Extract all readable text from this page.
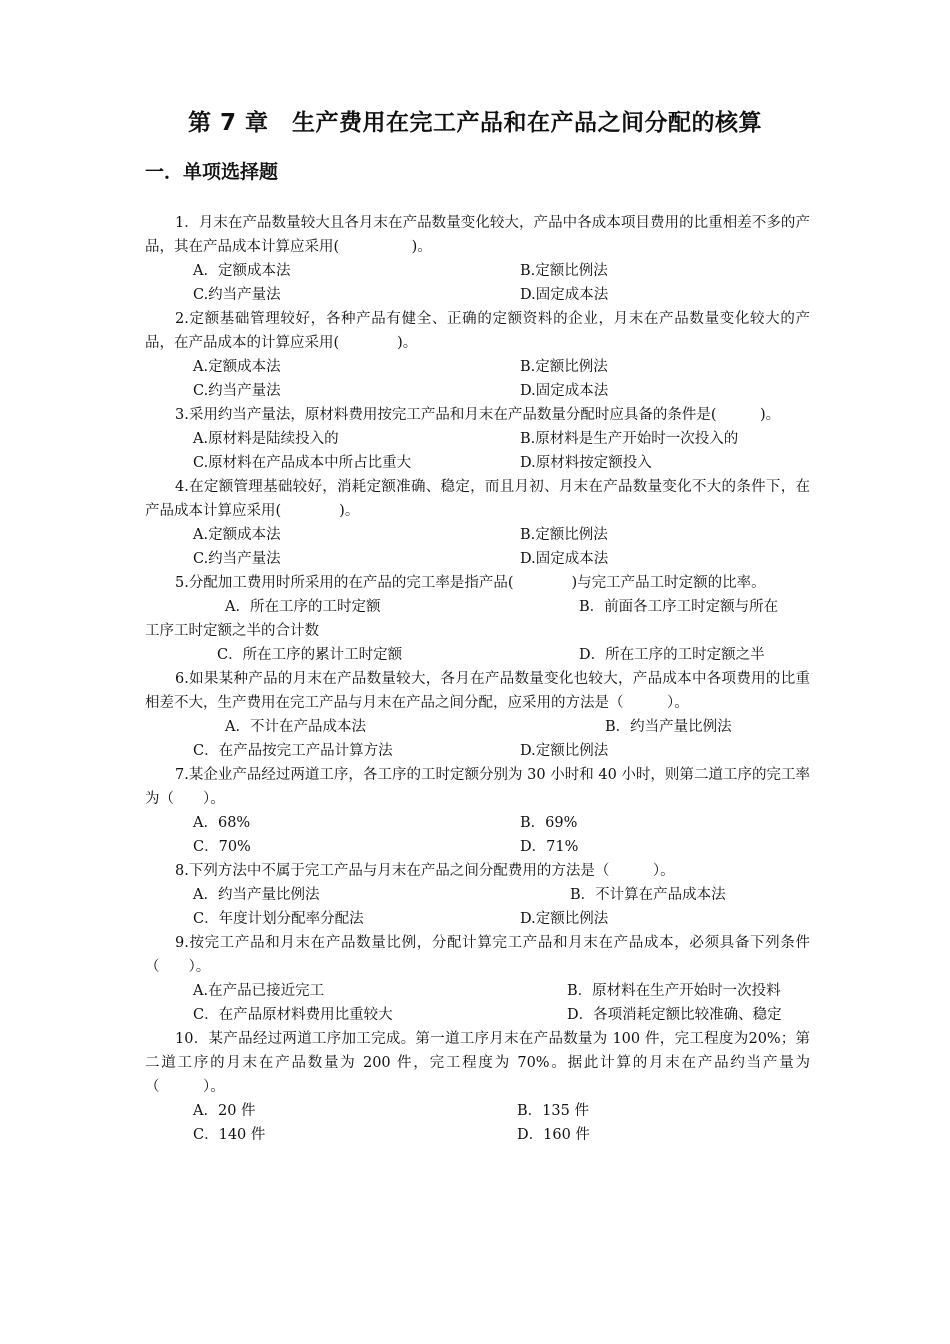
第 7 章　生产费用在完工产品和在产品之间分配的核算
一．单项选择题

1．月末在产品数量较大且各月末在产品数量变化较大，产品中各成本项目费用的比重相差不多的产品，其在产品成本计算应采用(　　　　　)。

A．定额成本法	B.定额比例法
C.约当产量法	D.固定成本法

2.定额基础管理较好，各种产品有健全、正确的定额资料的企业，月末在产品数量变化较大的产品，在产品成本的计算应采用(　　　　)。

A.定额成本法	B.定额比例法
C.约当产量法	D.固定成本法

3.采用约当产量法，原材料费用按完工产品和月末在产品数量分配时应具备的条件是(　　　)。

A.原材料是陆续投入的	B.原材料是生产开始时一次投入的
C.原材料在产品成本中所占比重大	D.原材料按定额投入

4.在定额管理基础较好，消耗定额准确、稳定，而且月初、月末在产品数量变化不大的条件下，在产品成本计算应采用(　　　　)。

A.定额成本法	B.定额比例法
C.约当产量法	D.固定成本法

5.分配加工费用时所采用的在产品的完工率是指产品(　　　　)与完工产品工时定额的比率。

A．所在工序的工时定额	B．前面各工序工时定额与所在

工序工时定额之半的合计数

C．所在工序的累计工时定额	D．所在工序的工时定额之半

6.如果某种产品的月末在产品数量较大，各月在产品数量变化也较大，产品成本中各项费用的比重相差不大，生产费用在完工产品与月末在产品之间分配，应采用的方法是（　　　）。

A．不计在产品成本法	B．约当产量比例法
C．在产品按完工产品计算方法	D.定额比例法

7.某企业产品经过两道工序，各工序的工时定额分别为 30 小时和 40 小时，则第二道工序的完工率为（　　）。

A．68%	B．69%
C．70%	D．71%

8.下列方法中不属于完工产品与月末在产品之间分配费用的方法是（　　　）。

A．约当产量比例法	B．不计算在产品成本法
C．年度计划分配率分配法	D.定额比例法

9.按完工产品和月末在产品数量比例，分配计算完工产品和月末在产品成本，必须具备下列条件（　　）。

A.在产品已接近完工	B．原材料在生产开始时一次投料
C．在产品原材料费用比重较大	D．各项消耗定额比较准确、稳定

10．某产品经过两道工序加工完成。第一道工序月末在产品数量为 100 件，完工程度为20%；第二道工序的月末在产品数量为 200 件，完工程度为 70%。据此计算的月末在产品约当产量为（　　　）。

A．20 件	B．135 件
C．140 件	D．160 件
